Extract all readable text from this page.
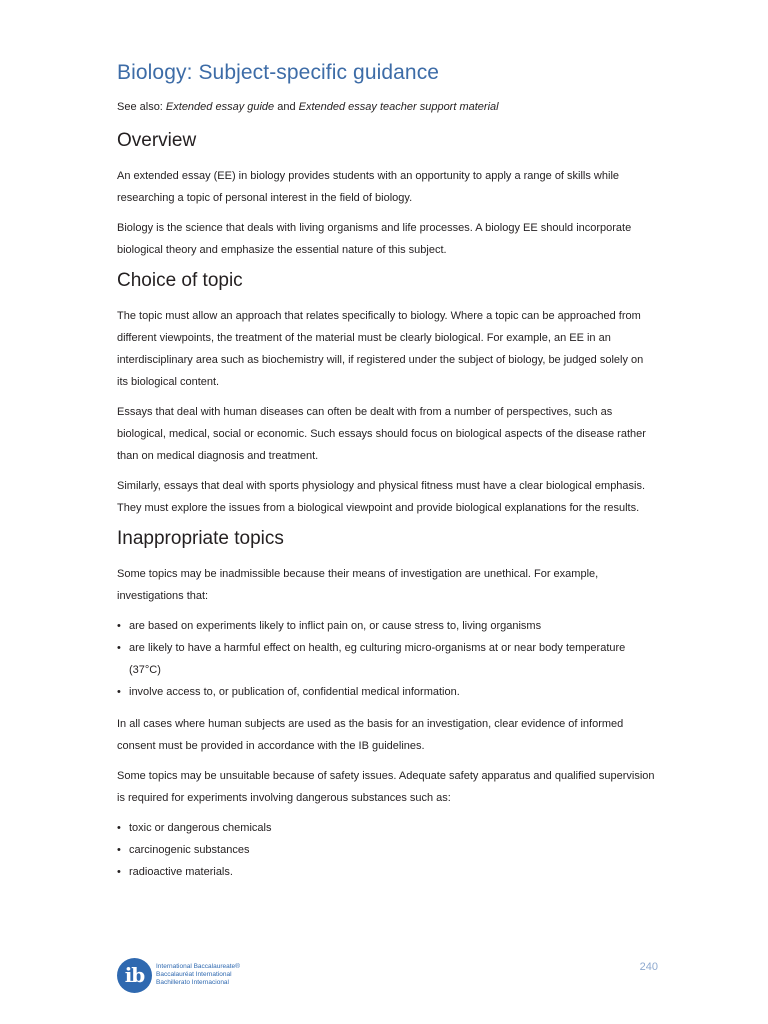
Biology: Subject-specific guidance

See also: Extended essay guide and Extended essay teacher support material

Overview

An extended essay (EE) in biology provides students with an opportunity to apply a range of skills while researching a topic of personal interest in the field of biology.

Biology is the science that deals with living organisms and life processes. A biology EE should incorporate biological theory and emphasize the essential nature of this subject.

Choice of topic

The topic must allow an approach that relates specifically to biology. Where a topic can be approached from different viewpoints, the treatment of the material must be clearly biological. For example, an EE in an interdisciplinary area such as biochemistry will, if registered under the subject of biology, be judged solely on its biological content.

Essays that deal with human diseases can often be dealt with from a number of perspectives, such as biological, medical, social or economic. Such essays should focus on biological aspects of the disease rather than on medical diagnosis and treatment.

Similarly, essays that deal with sports physiology and physical fitness must have a clear biological emphasis. They must explore the issues from a biological viewpoint and provide biological explanations for the results.

Inappropriate topics

Some topics may be inadmissible because their means of investigation are unethical. For example, investigations that:

• are based on experiments likely to inflict pain on, or cause stress to, living organisms
• are likely to have a harmful effect on health, eg culturing micro-organisms at or near body temperature (37°C)
• involve access to, or publication of, confidential medical information.

In all cases where human subjects are used as the basis for an investigation, clear evidence of informed consent must be provided in accordance with the IB guidelines.

Some topics may be unsuitable because of safety issues. Adequate safety apparatus and qualified supervision is required for experiments involving dangerous substances such as:

• toxic or dangerous chemicals
• carcinogenic substances
• radioactive materials.
ib	International Baccalaureate®
Baccalauréat International
Bachillerato Internacional
240
